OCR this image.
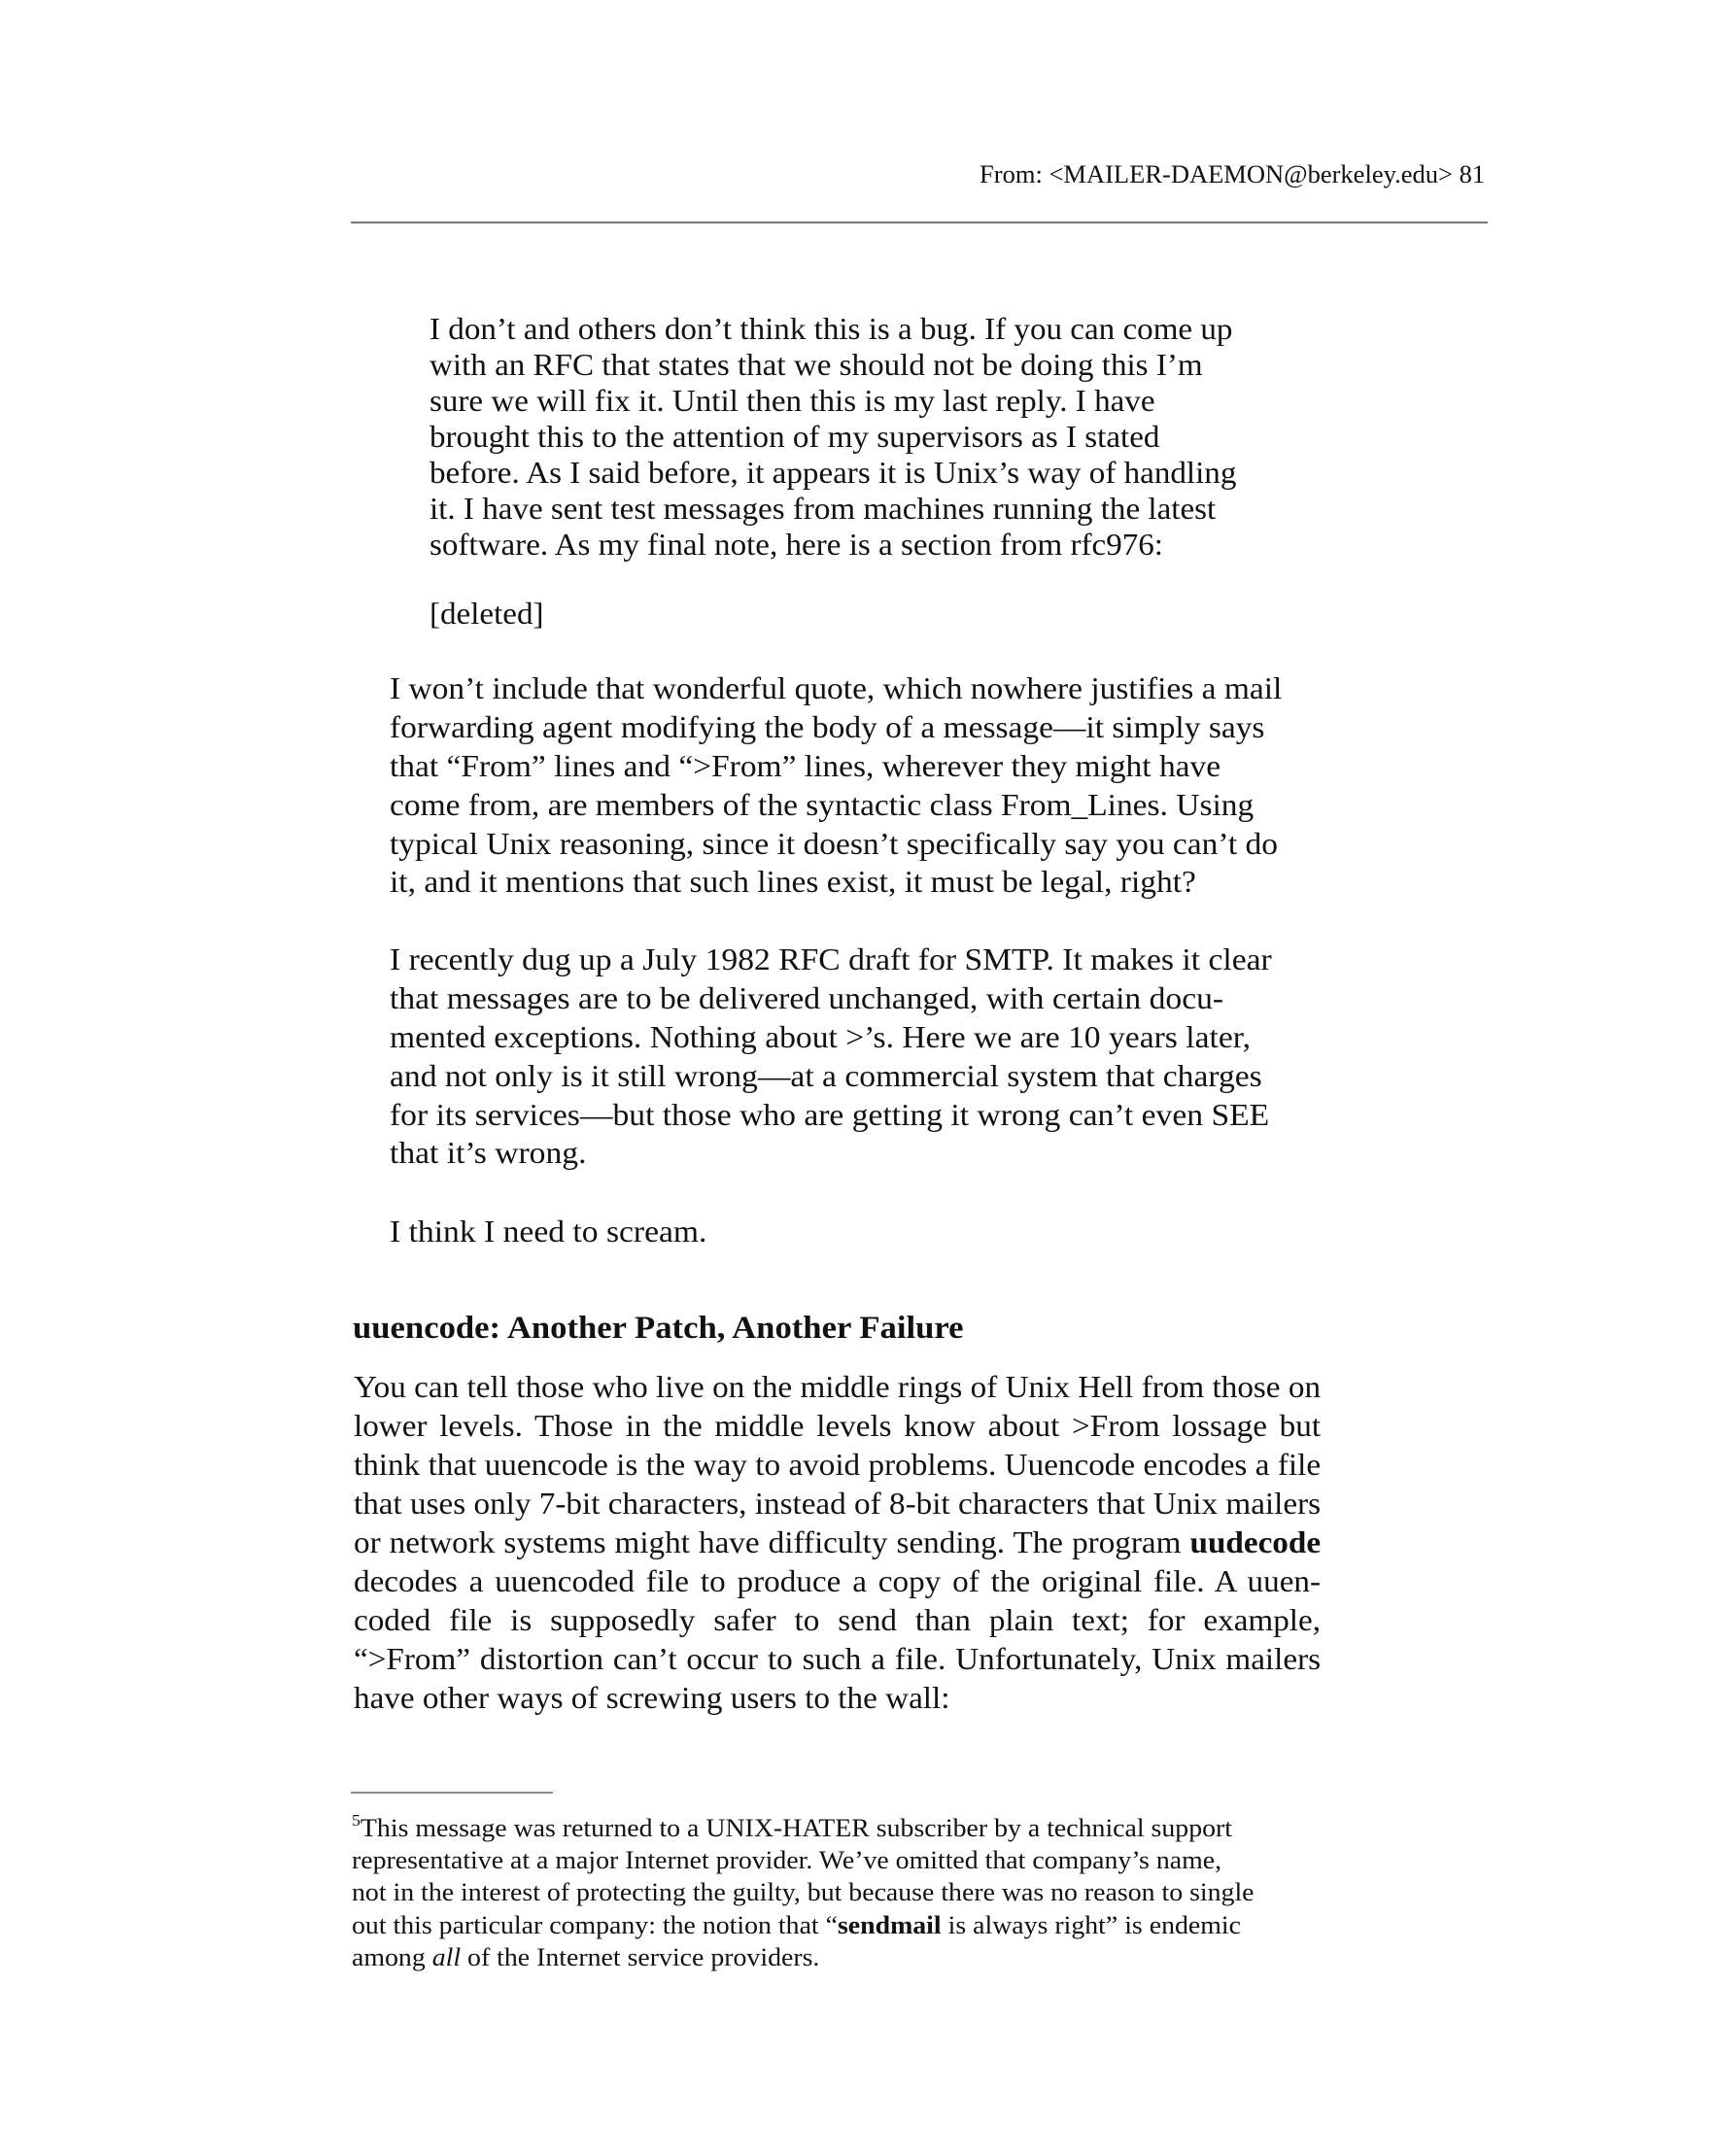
From: <MAILER-DAEMON@berkeley.edu> 81
I don’t and others don’t think this is a bug. If you can come up
with an RFC that states that we should not be doing this I’m
sure we will fix it. Until then this is my last reply. I have
brought this to the attention of my supervisors as I stated
before. As I said before, it appears it is Unix’s way of handling
it. I have sent test messages from machines running the latest
software. As my final note, here is a section from rfc976:
[deleted]
I won’t include that wonderful quote, which nowhere justifies a mail
forwarding agent modifying the body of a message—it simply says
that “From” lines and “>From” lines, wherever they might have
come from, are members of the syntactic class From_Lines. Using
typical Unix reasoning, since it doesn’t specifically say you can’t do
it, and it mentions that such lines exist, it must be legal, right?
I recently dug up a July 1982 RFC draft for SMTP. It makes it clear
that messages are to be delivered unchanged, with certain docu-
mented exceptions. Nothing about >’s. Here we are 10 years later,
and not only is it still wrong—at a commercial system that charges
for its services—but those who are getting it wrong can’t even SEE
that it’s wrong.
I think I need to scream.
uuencode: Another Patch, Another Failure
You can tell those who live on the middle rings of Unix Hell from those on
lower levels. Those in the middle levels know about >From lossage but
think that uuencode is the way to avoid problems. Uuencode encodes a file
that uses only 7-bit characters, instead of 8-bit characters that Unix mailers
or network systems might have difficulty sending. The program uudecode
decodes a uuencoded file to produce a copy of the original file. A uuen-
coded file is supposedly safer to send than plain text; for example,
“>From” distortion can’t occur to such a file. Unfortunately, Unix mailers
have other ways of screwing users to the wall:
$^5$This message was returned to a UNIX-HATER subscriber by a technical support
representative at a major Internet provider. We’ve omitted that company’s name,
not in the interest of protecting the guilty, but because there was no reason to single
out this particular company: the notion that “sendmail is always right” is endemic
among all of the Internet service providers.
